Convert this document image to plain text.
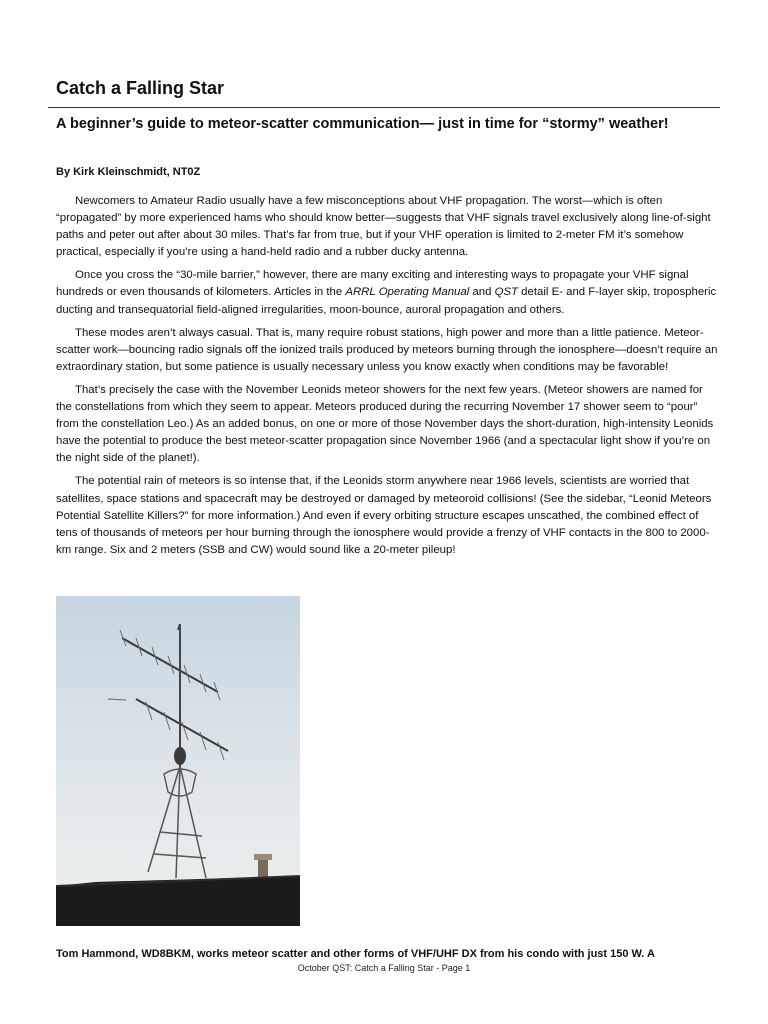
Catch a Falling Star
A beginner’s guide to meteor-scatter communication— just in time for “stormy” weather!

By Kirk Kleinschmidt, NT0Z

Newcomers to Amateur Radio usually have a few misconceptions about VHF propagation. The worst—which is often “propagated” by more experienced hams who should know better—suggests that VHF signals travel exclusively along line-of-sight paths and peter out after about 30 miles. That’s far from true, but if your VHF operation is limited to 2-meter FM it’s somehow practical, especially if you’re using a hand-held radio and a rubber ducky antenna.

Once you cross the “30-mile barrier,” however, there are many exciting and interesting ways to propagate your VHF signal hundreds or even thousands of kilometers. Articles in the ARRL Operating Manual and QST detail E- and F-layer skip, tropospheric ducting and transequatorial field-aligned irregularities, moon-bounce, auroral propagation and others.

These modes aren’t always casual. That is, many require robust stations, high power and more than a little patience. Meteor- scatter work—bouncing radio signals off the ionized trails produced by meteors burning through the ionosphere—doesn’t require an extraordinary station, but some patience is usually necessary unless you know exactly when conditions may be favorable!

That’s precisely the case with the November Leonids meteor showers for the next few years. (Meteor showers are named for the constellations from which they seem to appear. Meteors produced during the recurring November 17 shower seem to “pour” from the constellation Leo.) As an added bonus, on one or more of those November days the short-duration, high-intensity Leonids have the potential to produce the best meteor-scatter propagation since November 1966 (and a spectacular light show if you’re on the night side of the planet!).

The potential rain of meteors is so intense that, if the Leonids storm anywhere near 1966 levels, scientists are worried that satellites, space stations and spacecraft may be destroyed or damaged by meteoroid collisions! (See the sidebar, “Leonid Meteors Potential Satellite Killers?” for more information.) And even if every orbiting structure escapes unscathed, the combined effect of tens of thousands of meteors per hour burning through the ionosphere would provide a frenzy of VHF contacts in the 800 to 2000-km range. Six and 2 meters (SSB and CW) would sound like a 20-meter pileup!

Tom Hammond, WD8BKM, works meteor scatter and other forms of VHF/UHF DX from his condo with just 150 W. A

October QST: Catch a Falling Star - Page 1
